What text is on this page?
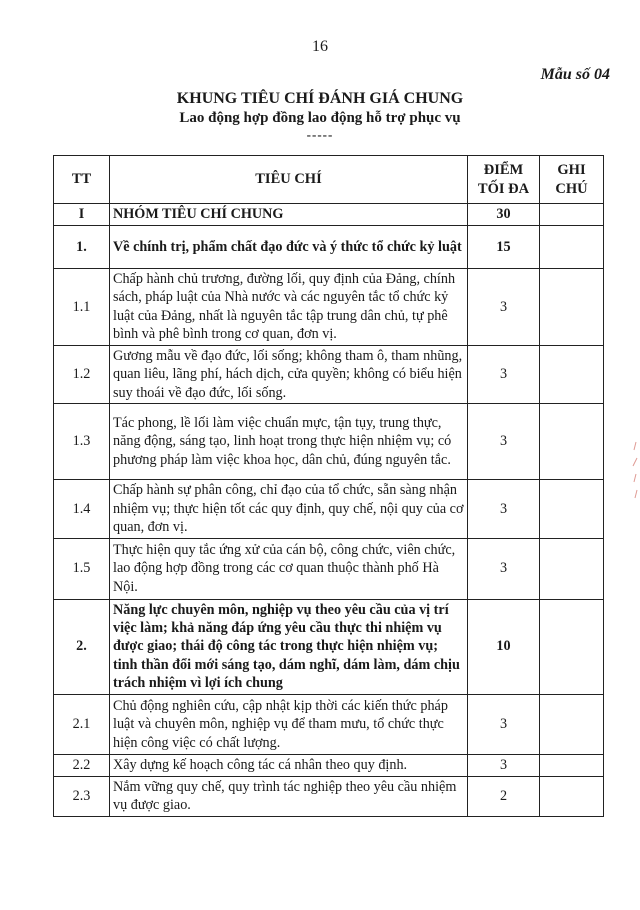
16
Mẫu số 04
KHUNG TIÊU CHÍ ĐÁNH GIÁ CHUNG
Lao động hợp đồng lao động hỗ trợ phục vụ
-----
TT	TIÊU CHÍ	ĐIỂM TỐI ĐA	GHI CHÚ
I	NHÓM TIÊU CHÍ CHUNG	30	
1.	Về chính trị, phẩm chất đạo đức và ý thức tổ chức kỷ luật	15	
1.1	Chấp hành chủ trương, đường lối, quy định của Đảng, chính sách, pháp luật của Nhà nước và các nguyên tắc tổ chức kỷ luật của Đảng, nhất là nguyên tắc tập trung dân chủ, tự phê bình và phê bình trong cơ quan, đơn vị.	3	
1.2	Gương mẫu về đạo đức, lối sống; không tham ô, tham nhũng, quan liêu, lãng phí, hách dịch, cửa quyền; không có biểu hiện suy thoái về đạo đức, lối sống.	3	
1.3	Tác phong, lề lối làm việc chuẩn mực, tận tụy, trung thực, năng động, sáng tạo, linh hoạt trong thực hiện nhiệm vụ; có phương pháp làm việc khoa học, dân chủ, đúng nguyên tắc.	3	
1.4	Chấp hành sự phân công, chỉ đạo của tổ chức, sẵn sàng nhận nhiệm vụ; thực hiện tốt các quy định, quy chế, nội quy của cơ quan, đơn vị.	3	
1.5	Thực hiện quy tắc ứng xử của cán bộ, công chức, viên chức, lao động hợp đồng trong các cơ quan thuộc thành phố Hà Nội.	3	
2.	Năng lực chuyên môn, nghiệp vụ theo yêu cầu của vị trí việc làm; khả năng đáp ứng yêu cầu thực thi nhiệm vụ được giao; thái độ công tác trong thực hiện nhiệm vụ; tinh thần đổi mới sáng tạo, dám nghĩ, dám làm, dám chịu trách nhiệm vì lợi ích chung	10	
2.1	Chủ động nghiên cứu, cập nhật kịp thời các kiến thức pháp luật và chuyên môn, nghiệp vụ để tham mưu, tổ chức thực hiện công việc có chất lượng.	3	
2.2	Xây dựng kế hoạch công tác cá nhân theo quy định.	3	
2.3	Nắm vững quy chế, quy trình tác nghiệp theo yêu cầu nhiệm vụ được giao.	2	
